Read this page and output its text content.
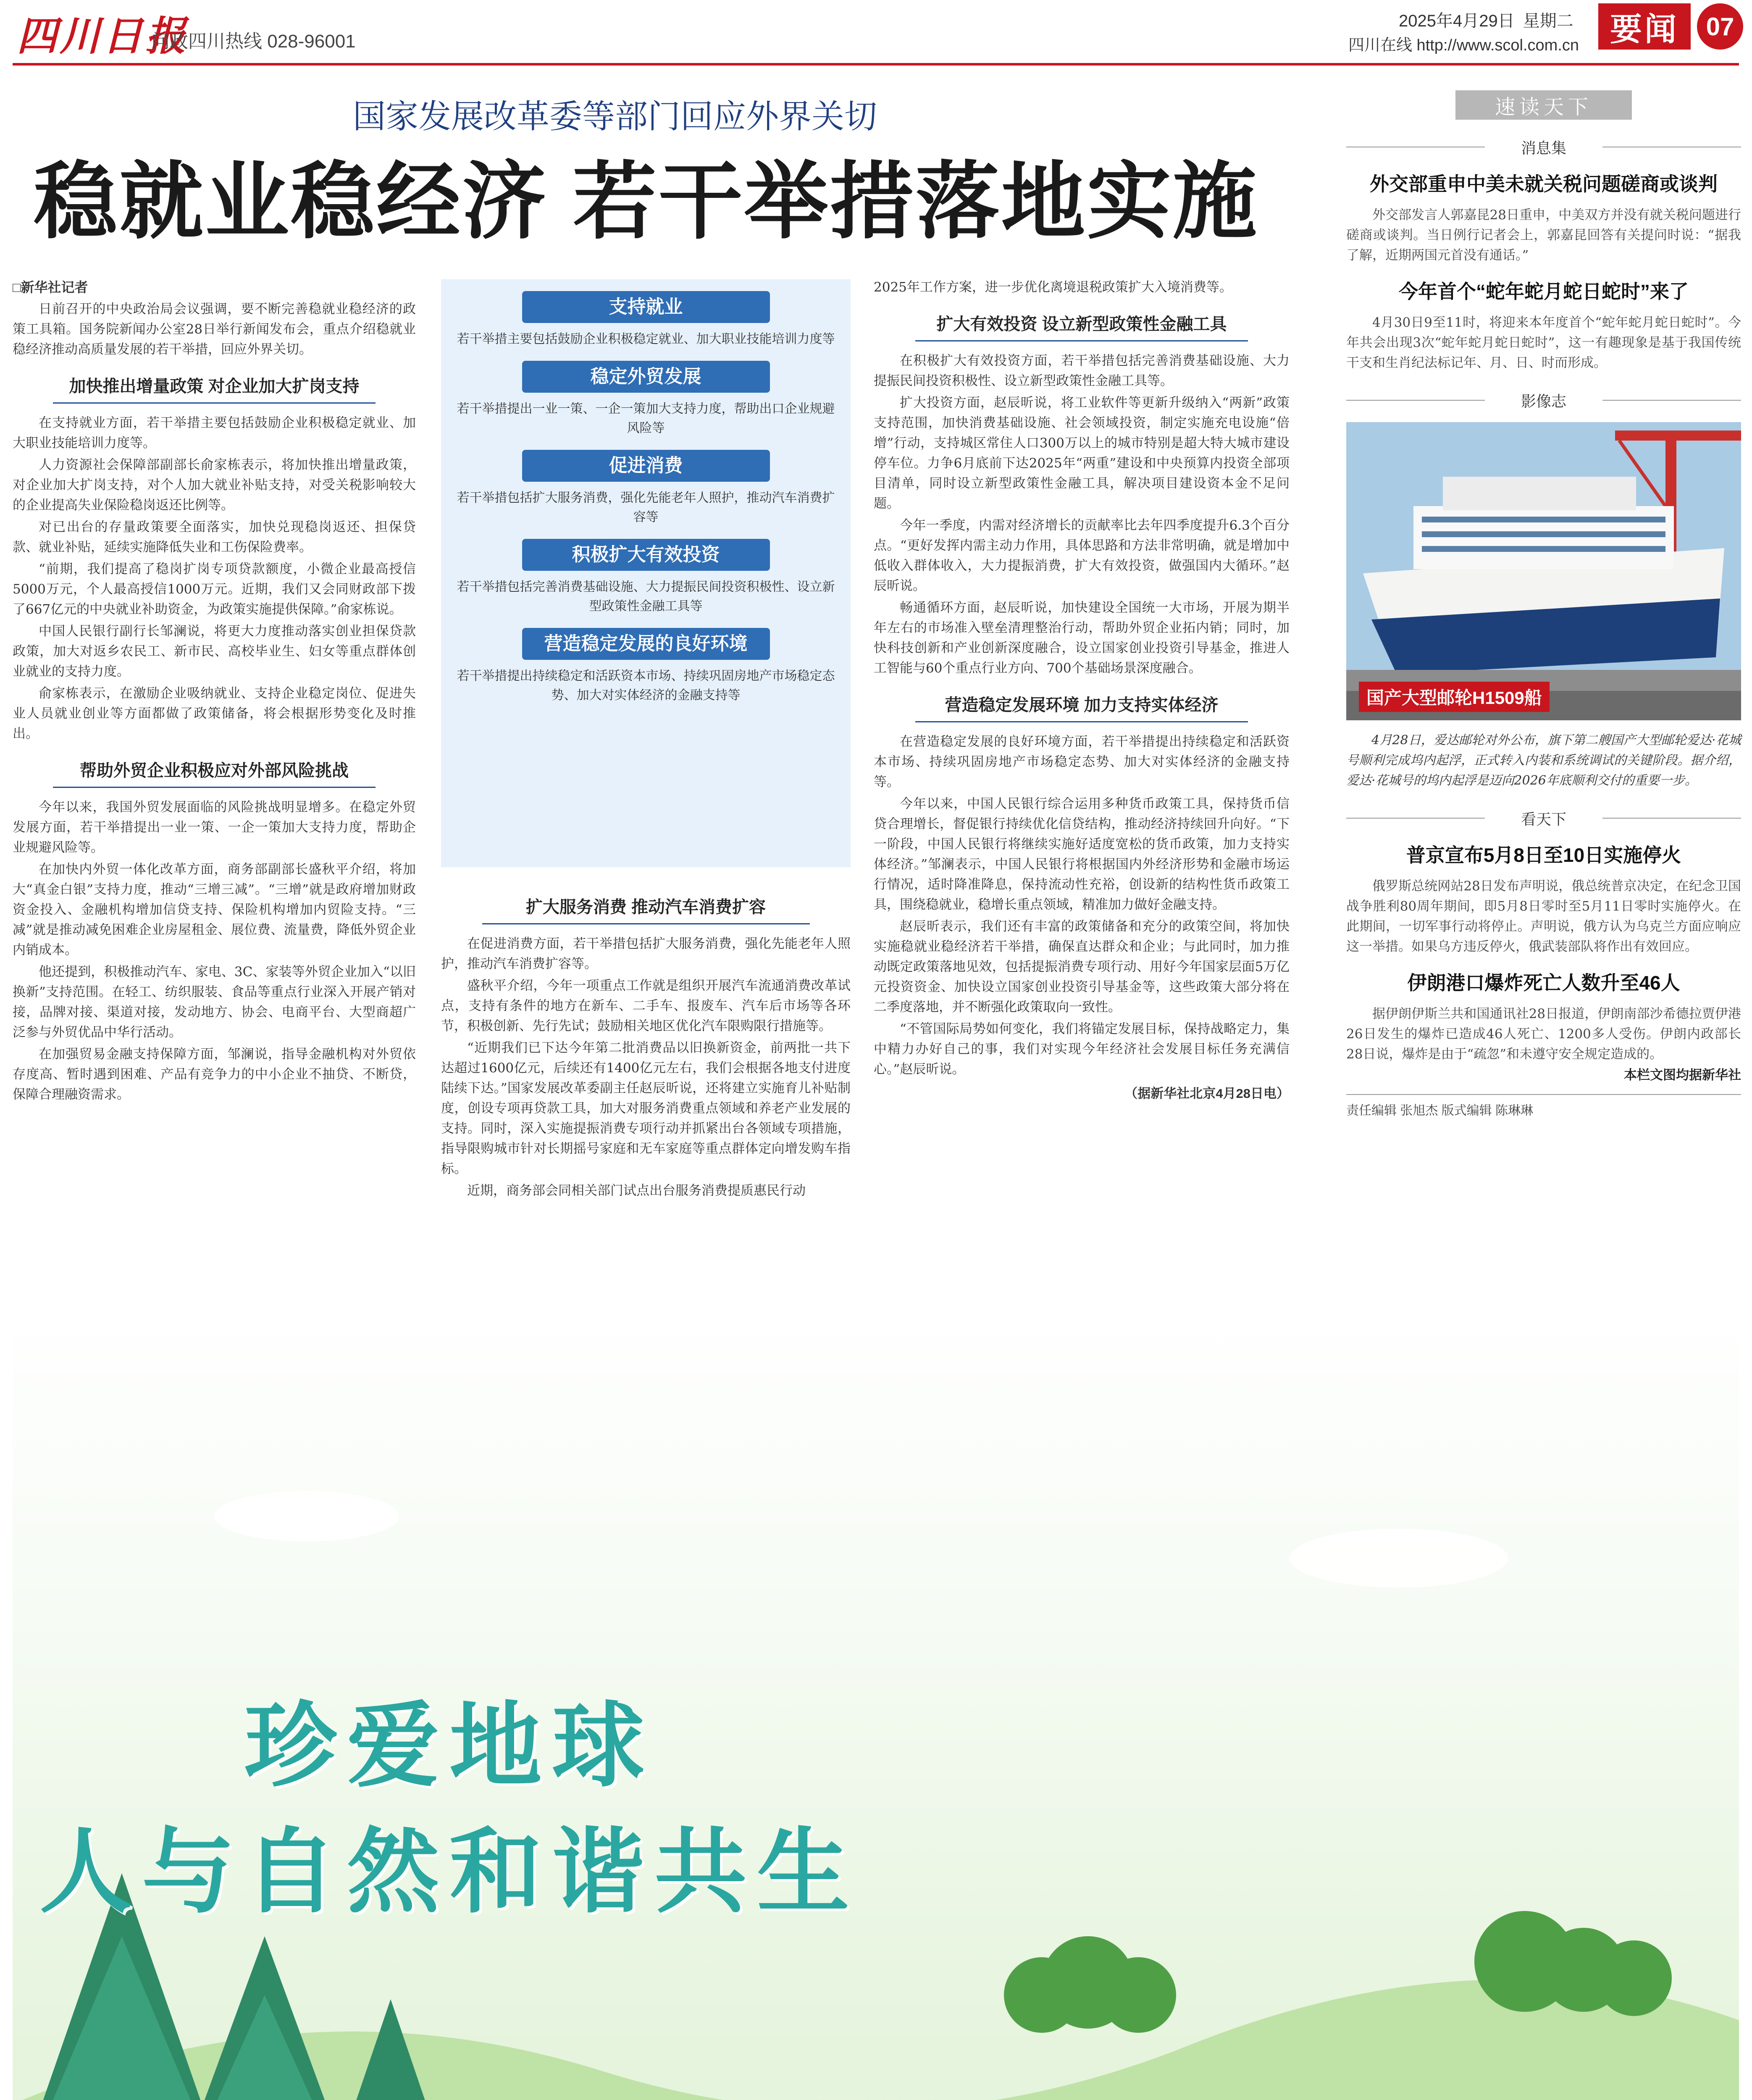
四川日报
问政四川热线 028-96001
2025年4月29日 星期二
四川在线 http://www.scol.com.cn 要闻	07
国家发展改革委等部门回应外界关切
稳就业稳经济 若干举措落地实施

□新华社记者

日前召开的中央政治局会议强调，要不断完善稳就业稳经济的政策工具箱。国务院新闻办公室28日举行新闻发布会，重点介绍稳就业稳经济推动高质量发展的若干举措，回应外界关切。

加快推出增量政策 对企业加大扩岗支持

在支持就业方面，若干举措主要包括鼓励企业积极稳定就业、加大职业技能培训力度等。

人力资源社会保障部副部长俞家栋表示，将加快推出增量政策，对企业加大扩岗支持，对个人加大就业补贴支持，对受关税影响较大的企业提高失业保险稳岗返还比例等。

对已出台的存量政策要全面落实，加快兑现稳岗返还、担保贷款、就业补贴，延续实施降低失业和工伤保险费率。

“前期，我们提高了稳岗扩岗专项贷款额度，小微企业最高授信5000万元，个人最高授信1000万元。近期，我们又会同财政部下拨了667亿元的中央就业补助资金，为政策实施提供保障。”俞家栋说。

中国人民银行副行长邹澜说，将更大力度推动落实创业担保贷款政策，加大对返乡农民工、新市民、高校毕业生、妇女等重点群体创业就业的支持力度。

俞家栋表示，在激励企业吸纳就业、支持企业稳定岗位、促进失业人员就业创业等方面都做了政策储备，将会根据形势变化及时推出。

帮助外贸企业积极应对外部风险挑战

今年以来，我国外贸发展面临的风险挑战明显增多。在稳定外贸发展方面，若干举措提出一业一策、一企一策加大支持力度，帮助企业规避风险等。

在加快内外贸一体化改革方面，商务部副部长盛秋平介绍，将加大“真金白银”支持力度，推动“三增三减”。“三增”就是政府增加财政资金投入、金融机构增加信贷支持、保险机构增加内贸险支持。“三减”就是推动减免困难企业房屋租金、展位费、流量费，降低外贸企业内销成本。

他还提到，积极推动汽车、家电、3C、家装等外贸企业加入“以旧换新”支持范围。在轻工、纺织服装、食品等重点行业深入开展产销对接，品牌对接、渠道对接，发动地方、协会、电商平台、大型商超广泛参与外贸优品中华行活动。

在加强贸易金融支持保障方面，邹澜说，指导金融机构对外贸依存度高、暂时遇到困难、产品有竞争力的中小企业不抽贷、不断贷，保障合理融资需求。

支持就业
若干举措主要包括鼓励企业积极稳定就业、加大职业技能培训力度等
稳定外贸发展
若干举措提出一业一策、一企一策加大支持力度，帮助出口企业规避风险等
促进消费
若干举措包括扩大服务消费，强化先能老年人照护，推动汽车消费扩容等
积极扩大有效投资
若干举措包括完善消费基础设施、大力提振民间投资积极性、设立新型政策性金融工具等
营造稳定发展的良好环境
若干举措提出持续稳定和活跃资本市场、持续巩固房地产市场稳定态势、加大对实体经济的金融支持等
扩大服务消费 推动汽车消费扩容

在促进消费方面，若干举措包括扩大服务消费，强化先能老年人照护，推动汽车消费扩容等。

盛秋平介绍，今年一项重点工作就是组织开展汽车流通消费改革试点，支持有条件的地方在新车、二手车、报废车、汽车后市场等各环节，积极创新、先行先试；鼓励相关地区优化汽车限购限行措施等。

“近期我们已下达今年第二批消费品以旧换新资金，前两批一共下达超过1600亿元，后续还有1400亿元左右，我们会根据各地支付进度陆续下达。”国家发展改革委副主任赵辰昕说，还将建立实施育儿补贴制度，创设专项再贷款工具，加大对服务消费重点领域和养老产业发展的支持。同时，深入实施提振消费专项行动并抓紧出台各领域专项措施，指导限购城市针对长期摇号家庭和无车家庭等重点群体定向增发购车指标。

近期，商务部会同相关部门试点出台服务消费提质惠民行动

2025年工作方案，进一步优化离境退税政策扩大入境消费等。

扩大有效投资 设立新型政策性金融工具

在积极扩大有效投资方面，若干举措包括完善消费基础设施、大力提振民间投资积极性、设立新型政策性金融工具等。

扩大投资方面，赵辰昕说，将工业软件等更新升级纳入“两新”政策支持范围，加快消费基础设施、社会领域投资，制定实施充电设施“倍增”行动，支持城区常住人口300万以上的城市特别是超大特大城市建设停车位。力争6月底前下达2025年“两重”建设和中央预算内投资全部项目清单，同时设立新型政策性金融工具，解决项目建设资本金不足问题。

今年一季度，内需对经济增长的贡献率比去年四季度提升6.3个百分点。“更好发挥内需主动力作用，具体思路和方法非常明确，就是增加中低收入群体收入，大力提振消费，扩大有效投资，做强国内大循环。”赵辰昕说。

畅通循环方面，赵辰昕说，加快建设全国统一大市场，开展为期半年左右的市场准入壁垒清理整治行动，帮助外贸企业拓内销；同时，加快科技创新和产业创新深度融合，设立国家创业投资引导基金，推进人工智能与60个重点行业方向、700个基础场景深度融合。

营造稳定发展环境 加力支持实体经济

在营造稳定发展的良好环境方面，若干举措提出持续稳定和活跃资本市场、持续巩固房地产市场稳定态势、加大对实体经济的金融支持等。

今年以来，中国人民银行综合运用多种货币政策工具，保持货币信贷合理增长，督促银行持续优化信贷结构，推动经济持续回升向好。“下一阶段，中国人民银行将继续实施好适度宽松的货币政策，加力支持实体经济。”邹澜表示，中国人民银行将根据国内外经济形势和金融市场运行情况，适时降准降息，保持流动性充裕，创设新的结构性货币政策工具，围绕稳就业，稳增长重点领域，精准加力做好金融支持。

赵辰昕表示，我们还有丰富的政策储备和充分的政策空间，将加快实施稳就业稳经济若干举措，确保直达群众和企业；与此同时，加力推动既定政策落地见效，包括提振消费专项行动、用好今年国家层面5万亿元投资资金、加快设立国家创业投资引导基金等，这些政策大部分将在二季度落地，并不断强化政策取向一致性。

“不管国际局势如何变化，我们将锚定发展目标，保持战略定力，集中精力办好自己的事，我们对实现今年经济社会发展目标任务充满信心。”赵辰昕说。

（据新华社北京4月28日电）

速读天下
消息集
外交部重申中美未就关税问题磋商或谈判
外交部发言人郭嘉昆28日重申，中美双方并没有就关税问题进行磋商或谈判。当日例行记者会上，郭嘉昆回答有关提问时说：“据我了解，近期两国元首没有通话。”
今年首个“蛇年蛇月蛇日蛇时”来了
4月30日9至11时，将迎来本年度首个“蛇年蛇月蛇日蛇时”。今年共会出现3次“蛇年蛇月蛇日蛇时”，这一有趣现象是基于我国传统干支和生肖纪法标记年、月、日、时而形成。
影像志
国产大型邮轮H1509船
4月28日，爱达邮轮对外公布，旗下第二艘国产大型邮轮爱达·花城号顺利完成坞内起浮，正式转入内装和系统调试的关键阶段。据介绍，爱达·花城号的坞内起浮是迈向2026年底顺利交付的重要一步。
看天下
普京宣布5月8日至10日实施停火
俄罗斯总统网站28日发布声明说，俄总统普京决定，在纪念卫国战争胜利80周年期间，即5月8日零时至5月11日零时实施停火。在此期间，一切军事行动将停止。声明说，俄方认为乌克兰方面应响应这一举措。如果乌方违反停火，俄武装部队将作出有效回应。
伊朗港口爆炸死亡人数升至46人
据伊朗伊斯兰共和国通讯社28日报道，伊朗南部沙希德拉贾伊港26日发生的爆炸已造成46人死亡、1200多人受伤。伊朗内政部长28日说，爆炸是由于“疏忽”和未遵守安全规定造成的。
本栏文图均据新华社
责任编辑 张旭杰 版式编辑 陈琳琳
珍爱地球
人与自然和谐共生
